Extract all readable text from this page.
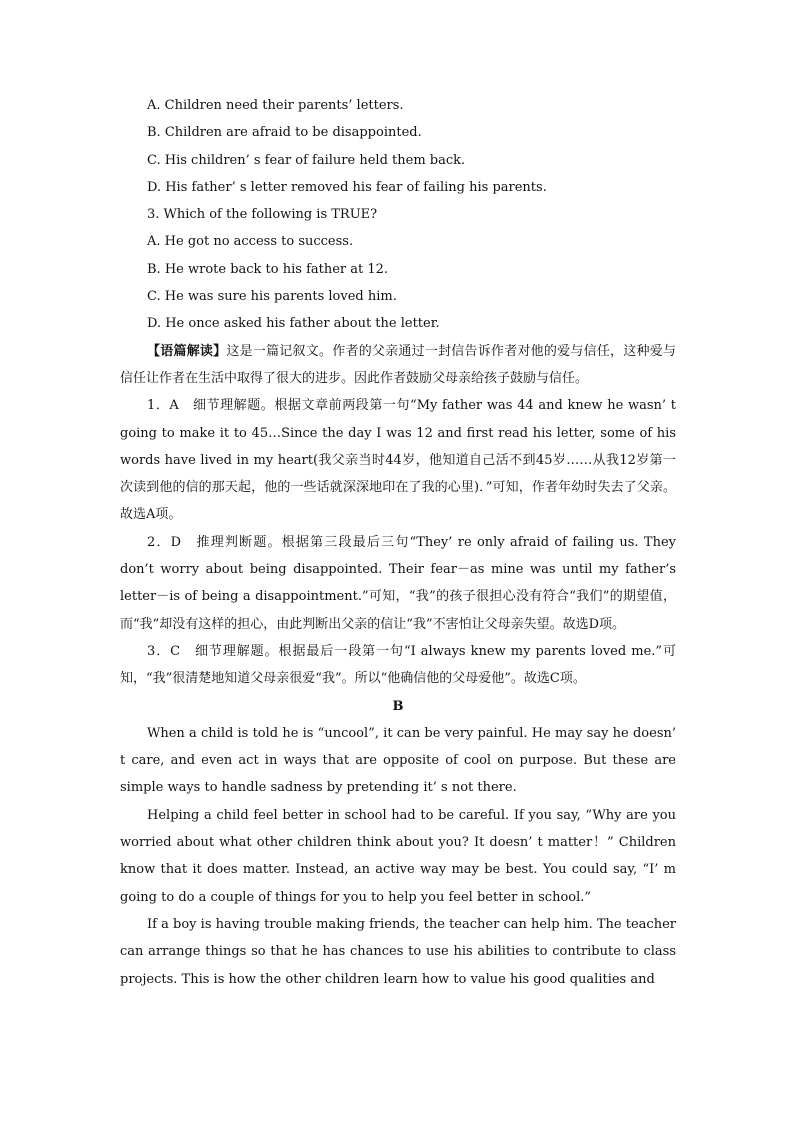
A. Children need their parents’ letters.
B. Children are afraid to be disappointed.
C. His children’ s fear of failure held them back.
D. His father’ s letter removed his fear of failing his parents.
3. Which of the following is TRUE?
A. He got no access to success.
B. He wrote back to his father at 12.
C. He was sure his parents loved him.
D. He once asked his father about the letter.
【语篇解读】这是一篇记叙文。作者的父亲通过一封信告诉作者对他的爱与信任，这种爱与信任让作者在生活中取得了很大的进步。因此作者鼓励父母亲给孩子鼓励与信任。
1．A　细节理解题。根据文章前两段第一句“My father was 44 and knew he wasn’ t going to make it to 45…Since the day I was 12 and first read his letter, some of his words have lived in my heart(我父亲当时44岁，他知道自己活不到45岁……从我12岁第一次读到他的信的那天起，他的一些话就深深地印在了我的心里)．”可知，作者年幼时失去了父亲。故选A项。
2．D　推理判断题。根据第三段最后三句“They’ re only afraid of failing us. They don’t worry about being disappointed. Their fear－as mine was until my father’s letter－is of being a disappointment.”可知，“我”的孩子很担心没有符合“我们”的期望值，而“我”却没有这样的担心，由此判断出父亲的信让“我”不害怕让父母亲失望。故选D项。
3．C　细节理解题。根据最后一段第一句“I always knew my parents loved me.”可知，“我”很清楚地知道父母亲很爱“我”。所以“他确信他的父母爱他”。故选C项。
B
When a child is told he is “uncool”, it can be very painful. He may say he doesn’ t care, and even act in ways that are opposite of cool on purpose. But these are simple ways to handle sadness by pretending it’ s not there.
Helping a child feel better in school had to be careful. If you say, “Why are you worried about what other children think about you? It doesn’ t matter！” Children know that it does matter. Instead, an active way may be best. You could say, “I’ m going to do a couple of things for you to help you feel better in school.”
If a boy is having trouble making friends, the teacher can help him. The teacher can arrange things so that he has chances to use his abilities to contribute to class projects. This is how the other children learn how to value his good qualities and
